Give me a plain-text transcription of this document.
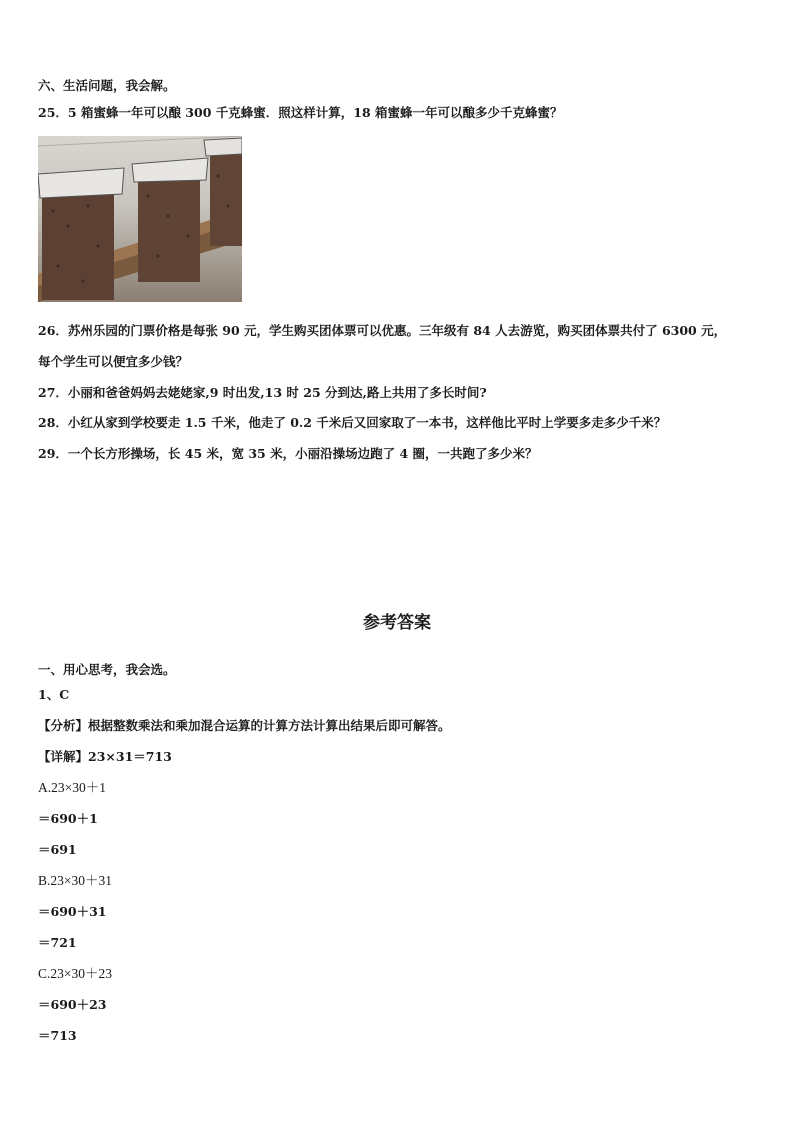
六、生活问题，我会解。
25．5 箱蜜蜂一年可以酿 300 千克蜂蜜．照这样计算，18 箱蜜蜂一年可以酿多少千克蜂蜜？
26．苏州乐园的门票价格是每张 90 元，学生购买团体票可以优惠。三年级有 84 人去游览，购买团体票共付了 6300 元，
每个学生可以便宜多少钱？
27．小丽和爸爸妈妈去姥姥家,9 时出发,13 时 25 分到达,路上共用了多长时间?
28．小红从家到学校要走 1.5 千米，他走了 0.2 千米后又回家取了一本书，这样他比平时上学要多走多少千米？
29．一个长方形操场，长 45 米，宽 35 米，小丽沿操场边跑了 4 圈，一共跑了多少米？
参考答案
一、用心思考，我会选。
1、C
【分析】根据整数乘法和乘加混合运算的计算方法计算出结果后即可解答。
【详解】23×31＝713
A.23×30＋1
＝690＋1
＝691
B.23×30＋31
＝690＋31
＝721
C.23×30＋23
＝690＋23
＝713
